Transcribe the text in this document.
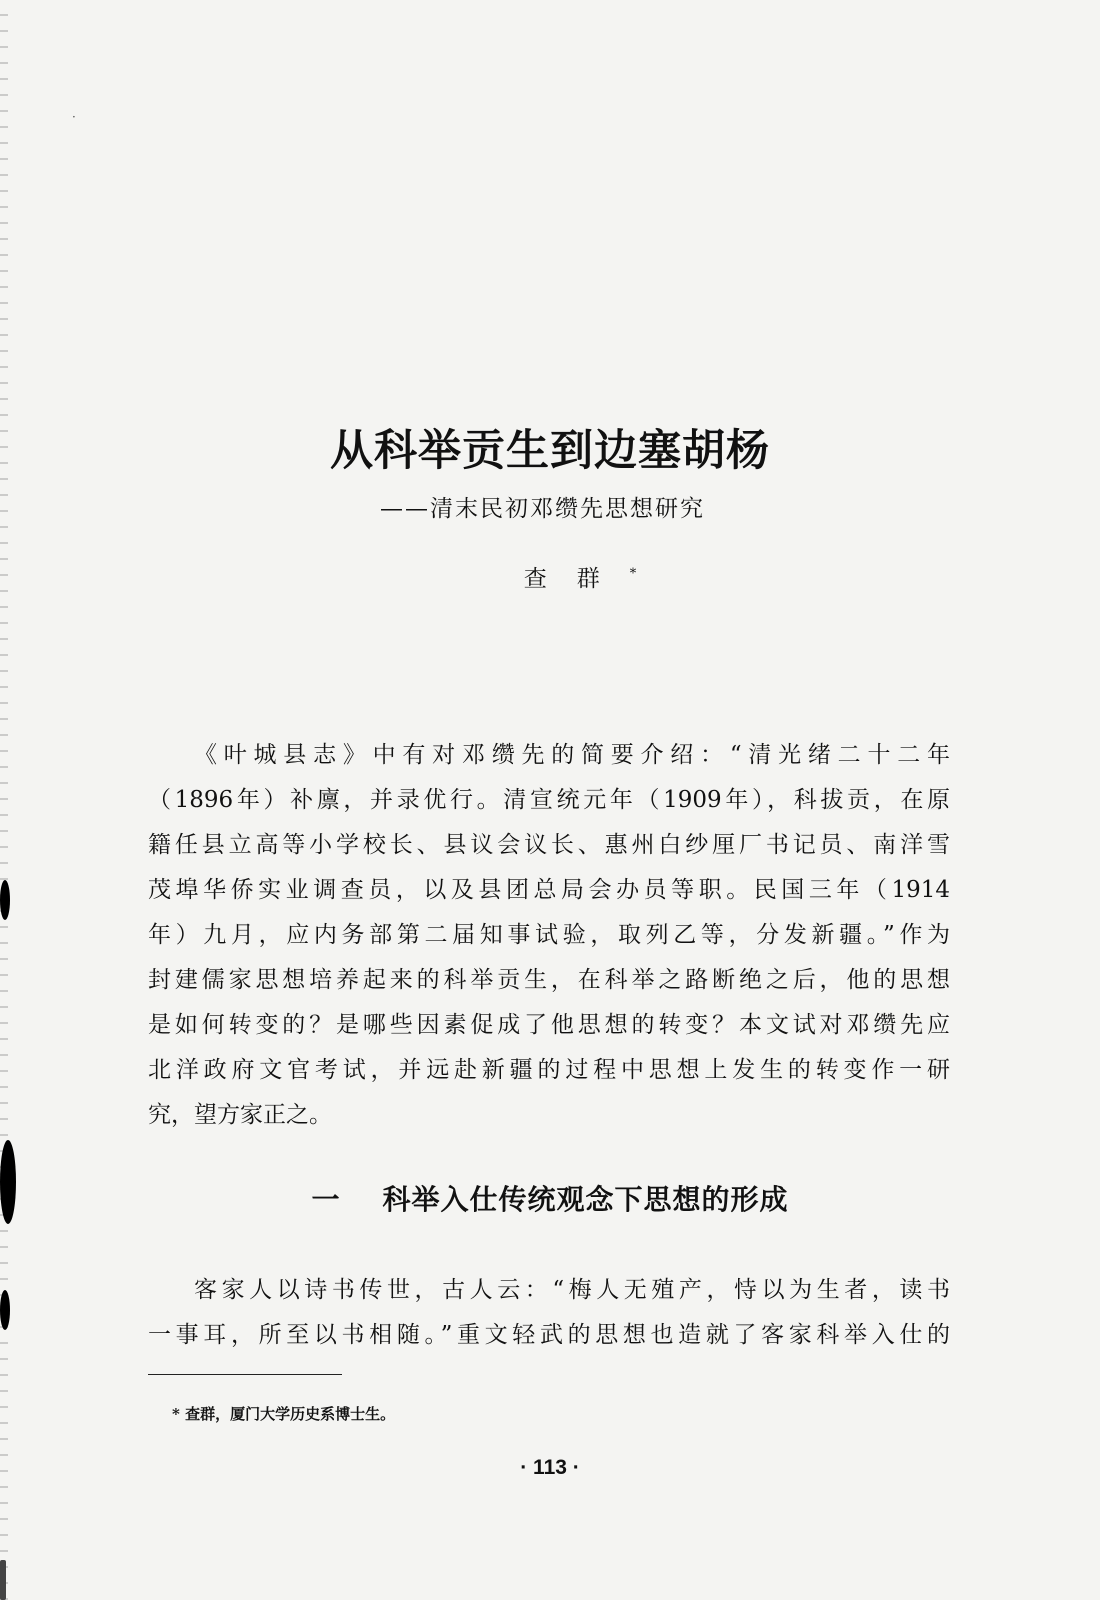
·
从科举贡生到边塞胡杨
——清末民初邓缵先思想研究
查群*
《叶城县志》中有对邓缵先的简要介绍：“清光绪二十二年
（1896年）补廪，并录优行。清宣统元年（1909年），科拔贡，在原
籍任县立高等小学校长、县议会议长、惠州白纱厘厂书记员、南洋雪
茂埠华侨实业调查员，以及县团总局会办员等职。民国三年（1914
年）九月，应内务部第二届知事试验，取列乙等，分发新疆。”作为
封建儒家思想培养起来的科举贡生，在科举之路断绝之后，他的思想
是如何转变的？是哪些因素促成了他思想的转变？本文试对邓缵先应
北洋政府文官考试，并远赴新疆的过程中思想上发生的转变作一研
究，望方家正之。
一 科举入仕传统观念下思想的形成
客家人以诗书传世，古人云：“梅人无殖产，恃以为生者，读书
一事耳，所至以书相随。”重文轻武的思想也造就了客家科举入仕的
* 查群，厦门大学历史系博士生。
· 113 ·
